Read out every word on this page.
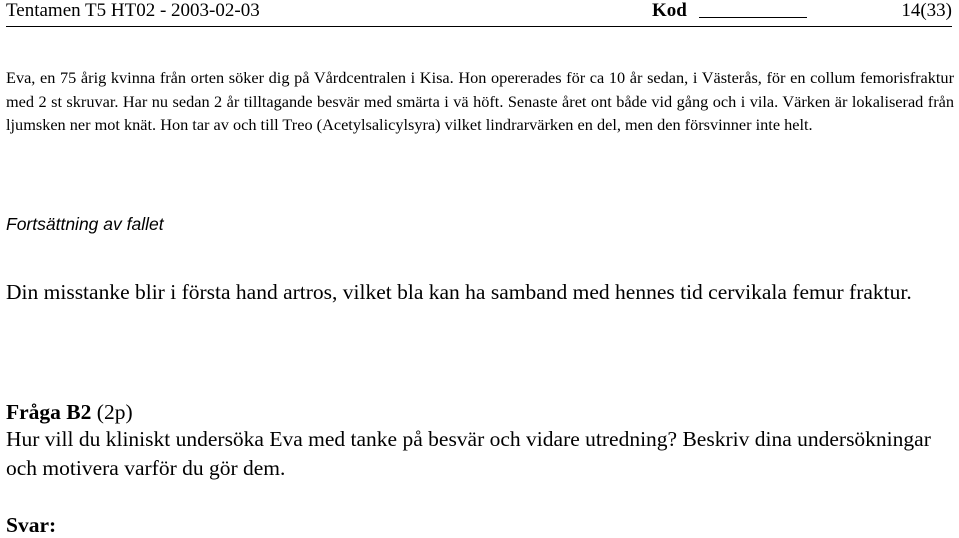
Tentamen T5 HT02 - 2003-02-03	Kod	14(33)

Eva, en 75 årig kvinna från orten söker dig på Vårdcentralen i Kisa. Hon opererades för ca 10 år sedan, i Västerås, för en collum femorisfraktur med 2 st skruvar. Har nu sedan 2 år tilltagande besvär med smärta i vä höft. Senaste året ont både vid gång och i vila. Värken är lokaliserad från ljumsken ner mot knät. Hon tar av och till Treo (Acetylsalicylsyra) vilket lindrarvärken en del, men den försvinner inte helt.

Fortsättning av fallet

Din misstanke blir i första hand artros, vilket bla kan ha samband med hennes tid cervikala femur fraktur.

Fråga B2 (2p)

Hur vill du kliniskt undersöka Eva med tanke på besvär och vidare utredning? Beskriv dina undersökningar och motivera varför du gör dem.

Svar:
